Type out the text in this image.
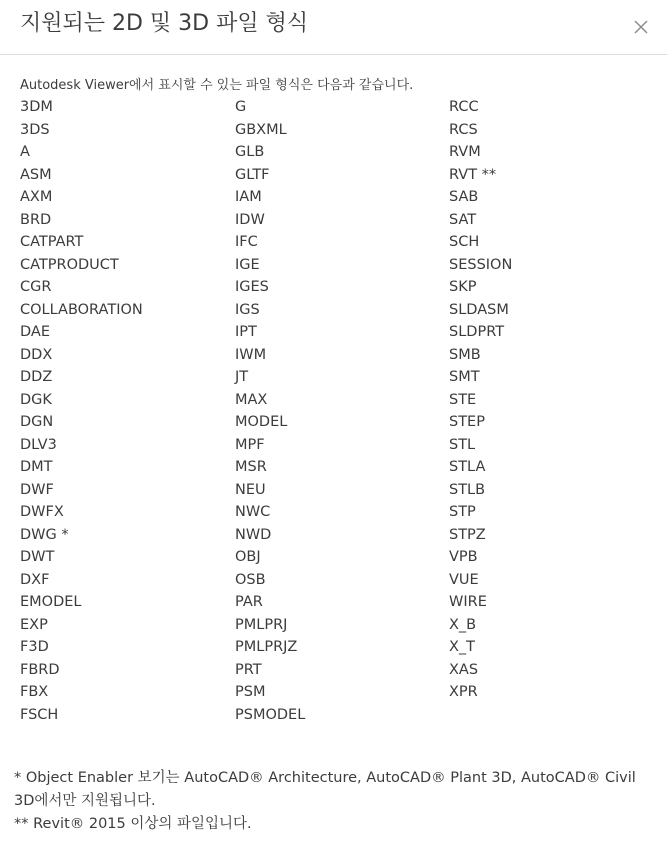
지원되는 2D 및 3D 파일 형식
Autodesk Viewer에서 표시할 수 있는 파일 형식은 다음과 같습니다.
3DM
3DS
A
ASM
AXM
BRD
CATPART
CATPRODUCT
CGR
COLLABORATION
DAE
DDX
DDZ
DGK
DGN
DLV3
DMT
DWF
DWFX
DWG *
DWT
DXF
EMODEL
EXP
F3D
FBRD
FBX
FSCH
G
GBXML
GLB
GLTF
IAM
IDW
IFC
IGE
IGES
IGS
IPT
IWM
JT
MAX
MODEL
MPF
MSR
NEU
NWC
NWD
OBJ
OSB
PAR
PMLPRJ
PMLPRJZ
PRT
PSM
PSMODEL
RCC
RCS
RVM
RVT **
SAB
SAT
SCH
SESSION
SKP
SLDASM
SLDPRT
SMB
SMT
STE
STEP
STL
STLA
STLB
STP
STPZ
VPB
VUE
WIRE
X_B
X_T
XAS
XPR

* Object Enabler 보기는 AutoCAD® Architecture, AutoCAD® Plant 3D, AutoCAD® Civil
3D에서만 지원됩니다.

** Revit® 2015 이상의 파일입니다.
